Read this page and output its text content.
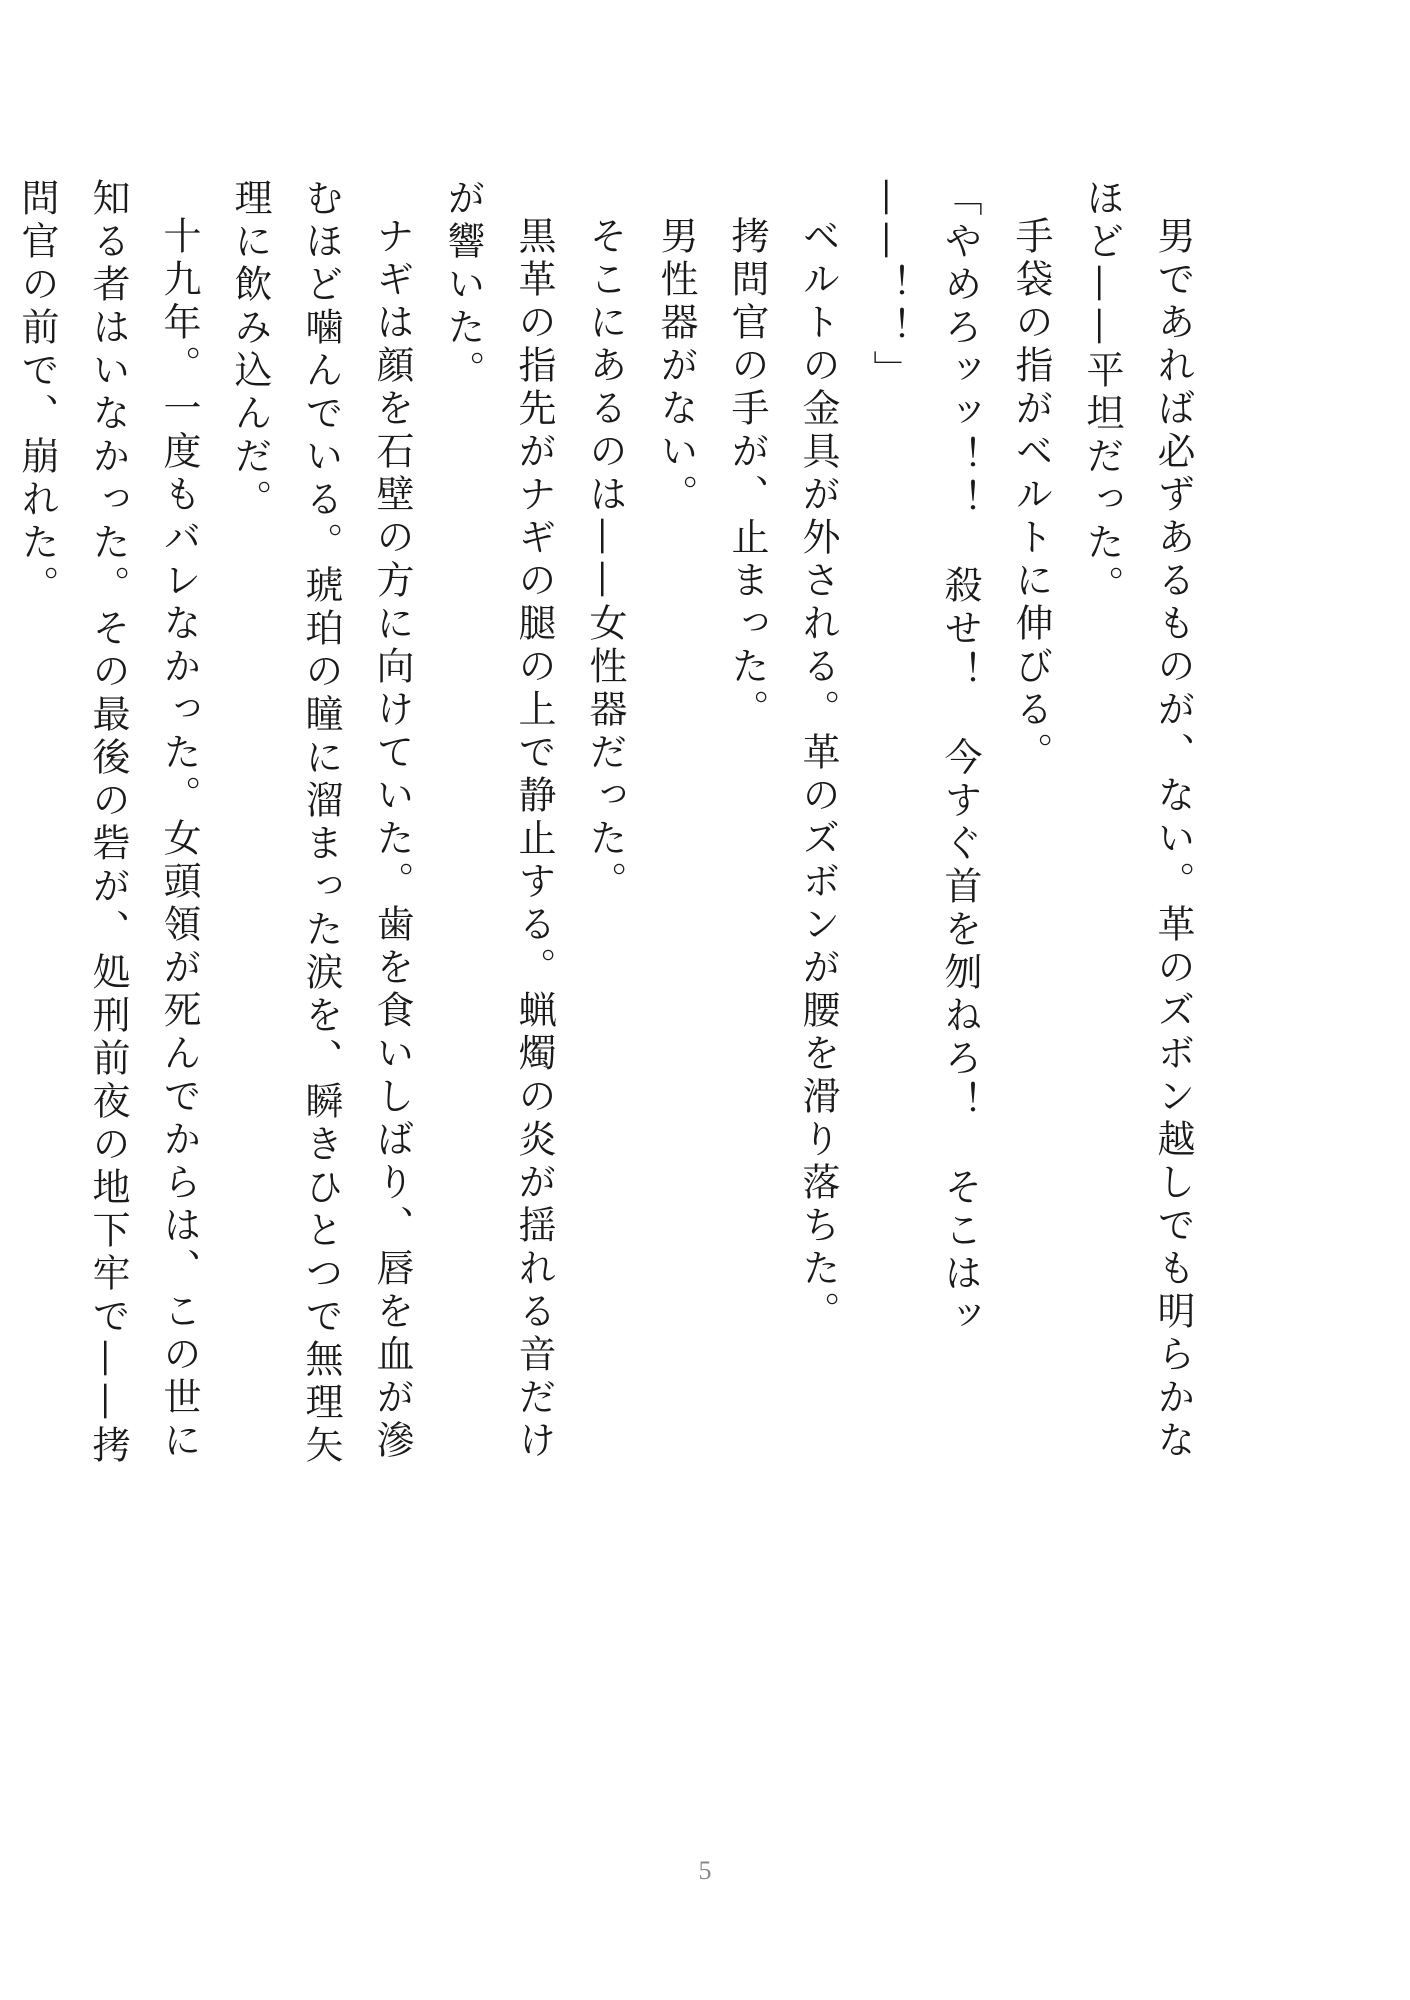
男であれば必ずあるものが、ない。革のズボン越しでも明らかなほど——平坦だった。

手袋の指がベルトに伸びる。

「やめろッッ！！　殺せ！　今すぐ首を刎ねろ！　そこはッ——！！」

ベルトの金具が外される。革のズボンが腰を滑り落ちた。

拷問官の手が、止まった。

男性器がない。

そこにあるのは——女性器だった。

黒革の指先がナギの腿の上で静止する。蝋燭の炎が揺れる音だけが響いた。

ナギは顔を石壁の方に向けていた。歯を食いしばり、唇を血が滲むほど噛んでいる。琥珀の瞳に溜まった涙を、瞬きひとつで無理矢理に飲み込んだ。

十九年。一度もバレなかった。女頭領が死んでからは、この世に知る者はいなかった。その最後の砦が、処刑前夜の地下牢で——拷問官の前で、崩れた。

5
